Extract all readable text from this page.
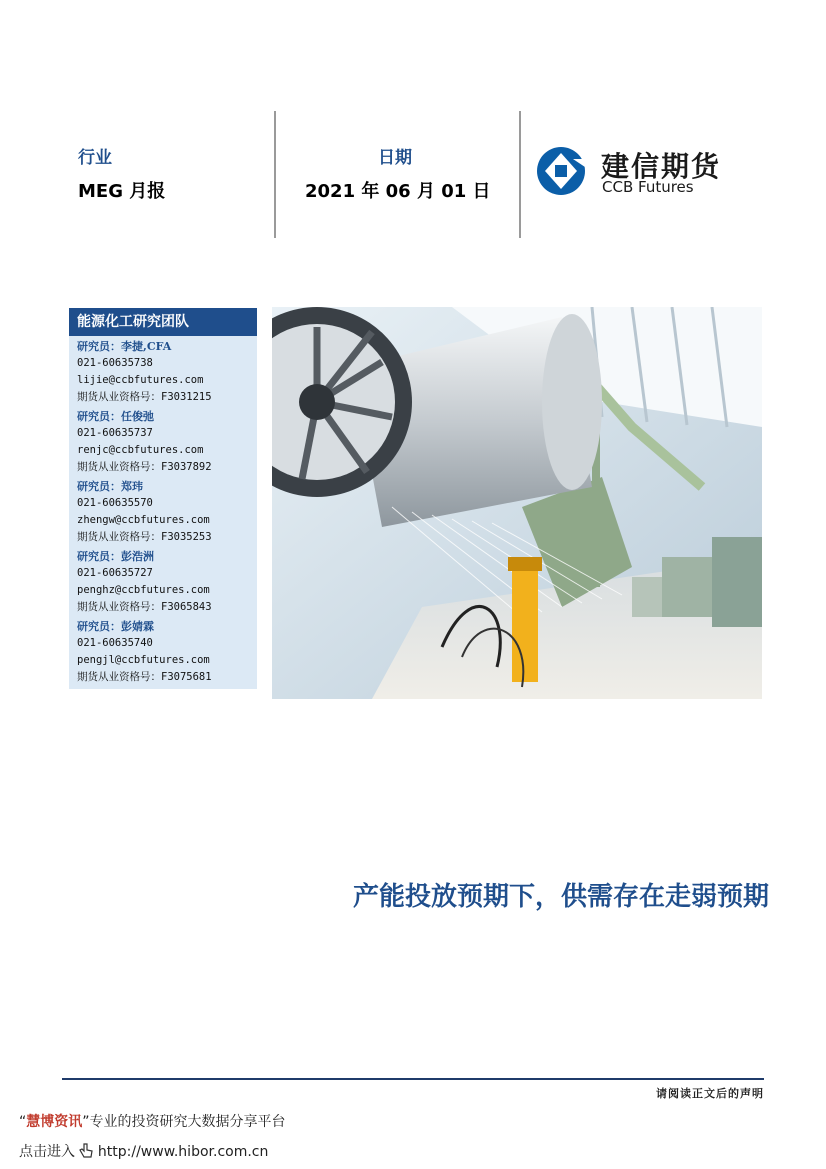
行业
MEG 月报
日期
2021 年 06 月 01 日
建信期货
CCB Futures
能源化工研究团队
研究员：李捷,CFA
021-60635738
lijie@ccbfutures.com
期货从业资格号：F3031215
研究员：任俊弛
021-60635737
renjc@ccbfutures.com
期货从业资格号：F3037892
研究员：郑玮
021-60635570
zhengw@ccbfutures.com
期货从业资格号：F3035253
研究员：彭浩洲
021-60635727
penghz@ccbfutures.com
期货从业资格号：F3065843
研究员：彭婧霖
021-60635740
pengjl@ccbfutures.com
期货从业资格号：F3075681
产能投放预期下，供需存在走弱预期
请阅读正文后的声明
“慧博资讯”专业的投资研究大数据分享平台
点击进入 http://www.hibor.com.cn
